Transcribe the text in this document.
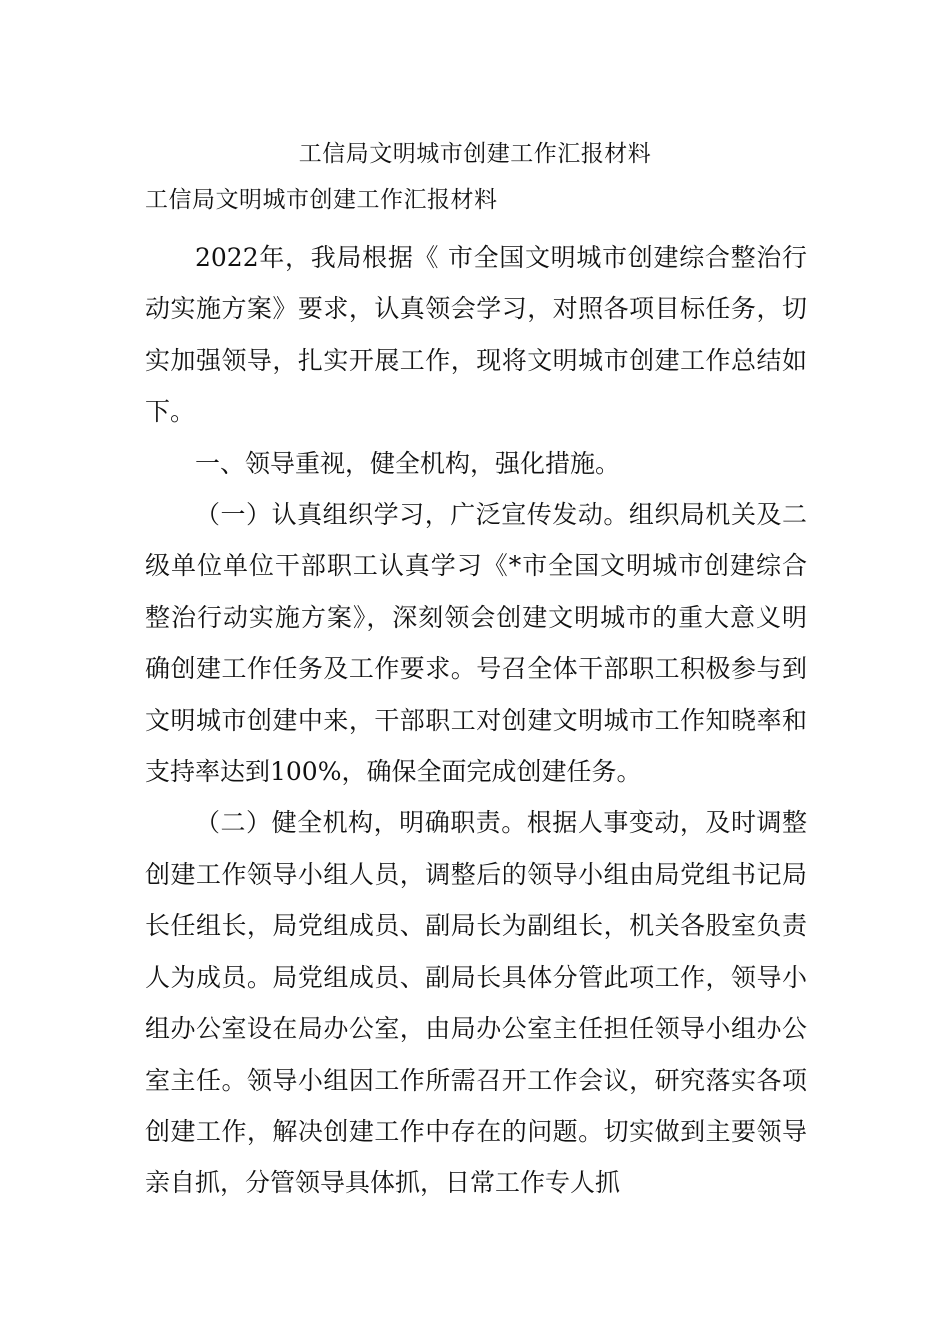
工信局文明城市创建工作汇报材料
工信局文明城市创建工作汇报材料

2022年，我局根据《 市全国文明城市创建综合整治行动实施方案》要求，认真领会学习，对照各项目标任务，切实加强领导，扎实开展工作，现将文明城市创建工作总结如下。

一、领导重视，健全机构，强化措施。

（一）认真组织学习，广泛宣传发动。组织局机关及二级单位单位干部职工认真学习《*市全国文明城市创建综合整治行动实施方案》，深刻领会创建文明城市的重大意义明确创建工作任务及工作要求。号召全体干部职工积极参与到文明城市创建中来，干部职工对创建文明城市工作知晓率和支持率达到100%，确保全面完成创建任务。

（二）健全机构，明确职责。根据人事变动，及时调整创建工作领导小组人员，调整后的领导小组由局党组书记局长任组长，局党组成员、副局长为副组长，机关各股室负责人为成员。局党组成员、副局长具体分管此项工作，领导小组办公室设在局办公室，由局办公室主任担任领导小组办公室主任。领导小组因工作所需召开工作会议，研究落实各项创建工作，解决创建工作中存在的问题。切实做到主要领导亲自抓，分管领导具体抓，日常工作专人抓
